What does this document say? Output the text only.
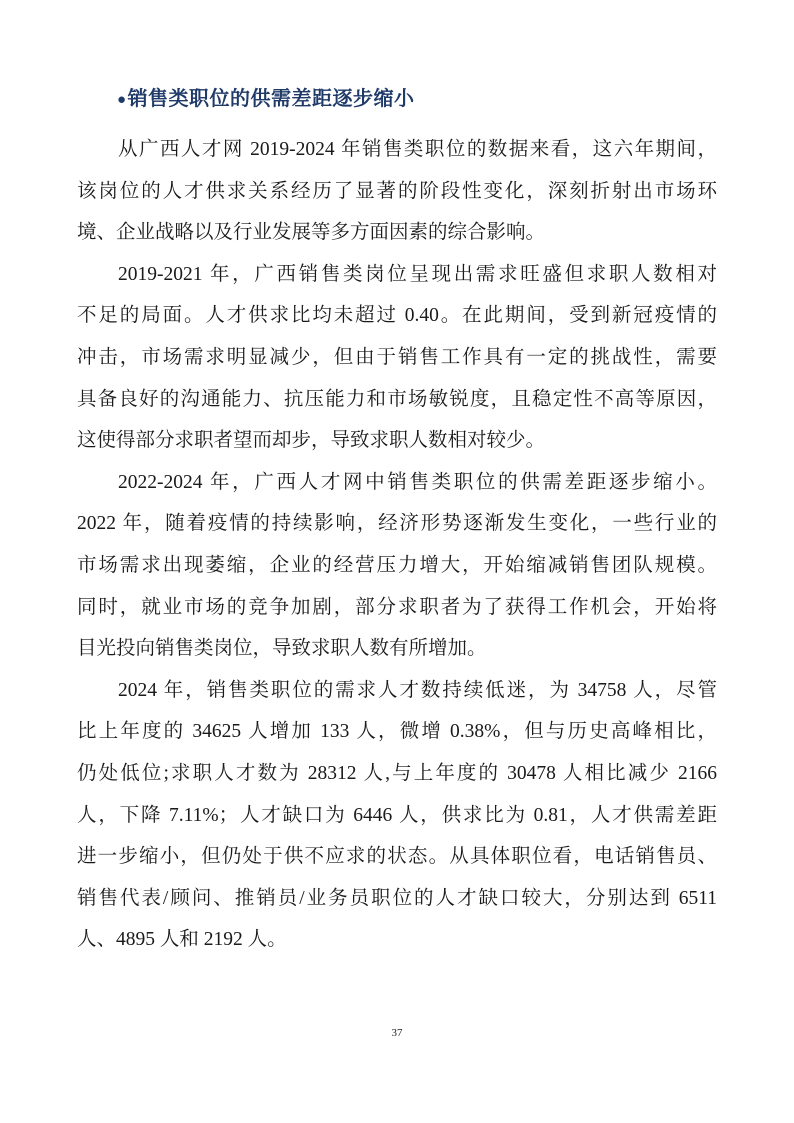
●销售类职位的供需差距逐步缩小
从广西人才网 2019-2024 年销售类职位的数据来看，这六年期间，
该岗位的人才供求关系经历了显著的阶段性变化，深刻折射出市场环
境、企业战略以及行业发展等多方面因素的综合影响。
2019-2021 年，广西销售类岗位呈现出需求旺盛但求职人数相对
不足的局面。人才供求比均未超过 0.40。在此期间，受到新冠疫情的
冲击，市场需求明显减少，但由于销售工作具有一定的挑战性，需要
具备良好的沟通能力、抗压能力和市场敏锐度，且稳定性不高等原因，
这使得部分求职者望而却步，导致求职人数相对较少。
2022-2024 年，广西人才网中销售类职位的供需差距逐步缩小。
2022 年，随着疫情的持续影响，经济形势逐渐发生变化，一些行业的
市场需求出现萎缩，企业的经营压力增大，开始缩减销售团队规模。
同时，就业市场的竞争加剧，部分求职者为了获得工作机会，开始将
目光投向销售类岗位，导致求职人数有所增加。
2024 年，销售类职位的需求人才数持续低迷，为 34758 人，尽管
比上年度的 34625 人增加 133 人，微增 0.38%，但与历史高峰相比，
仍处低位;求职人才数为 28312 人,与上年度的 30478 人相比减少 2166
人，下降 7.11%；人才缺口为 6446 人，供求比为 0.81，人才供需差距
进一步缩小，但仍处于供不应求的状态。从具体职位看，电话销售员、
销售代表/顾问、推销员/业务员职位的人才缺口较大，分别达到 6511
人、4895 人和 2192 人。
37
